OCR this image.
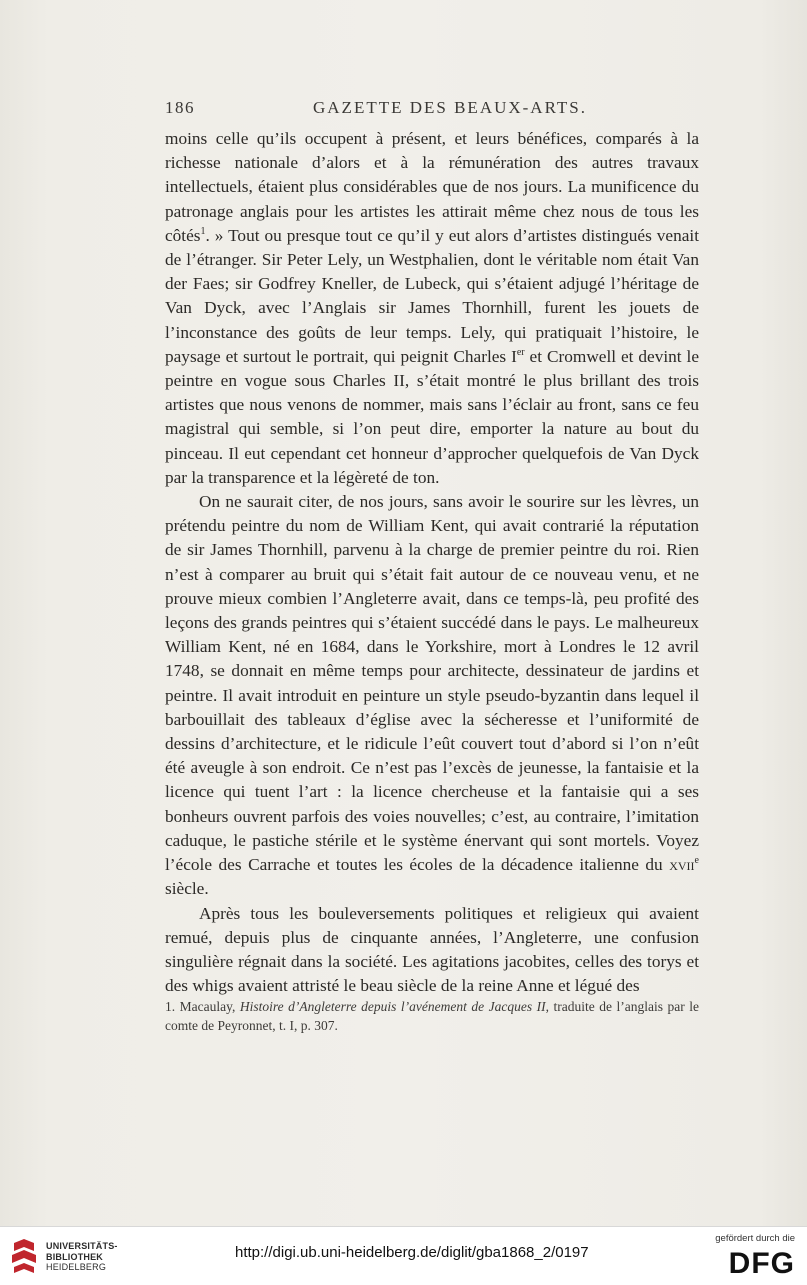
186	GAZETTE DES BEAUX-ARTS.

moins celle qu’ils occupent à présent, et leurs bénéfices, comparés à la richesse nationale d’alors et à la rémunération des autres travaux intellectuels, étaient plus considérables que de nos jours. La munificence du patronage anglais pour les artistes les attirait même chez nous de tous les côtés$^1$. » Tout ou presque tout ce qu’il y eut alors d’artistes distingués venait de l’étranger. Sir Peter Lely, un Westphalien, dont le véritable nom était Van der Faes; sir Godfrey Kneller, de Lubeck, qui s’étaient adjugé l’héritage de Van Dyck, avec l’Anglais sir James Thornhill, furent les jouets de l’inconstance des goûts de leur temps. Lely, qui pratiquait l’histoire, le paysage et surtout le portrait, qui peignit Charles Ier et Cromwell et devint le peintre en vogue sous Charles II, s’était montré le plus brillant des trois artistes que nous venons de nommer, mais sans l’éclair au front, sans ce feu magistral qui semble, si l’on peut dire, emporter la nature au bout du pinceau. Il eut cependant cet honneur d’approcher quelquefois de Van Dyck par la transparence et la légèreté de ton.

On ne saurait citer, de nos jours, sans avoir le sourire sur les lèvres, un prétendu peintre du nom de William Kent, qui avait contrarié la réputation de sir James Thornhill, parvenu à la charge de premier peintre du roi. Rien n’est à comparer au bruit qui s’était fait autour de ce nouveau venu, et ne prouve mieux combien l’Angleterre avait, dans ce temps-là, peu profité des leçons des grands peintres qui s’étaient succédé dans le pays. Le malheureux William Kent, né en 1684, dans le Yorkshire, mort à Londres le 12 avril 1748, se donnait en même temps pour architecte, dessinateur de jardins et peintre. Il avait introduit en peinture un style pseudo-byzantin dans lequel il barbouillait des tableaux d’église avec la sécheresse et l’uniformité de dessins d’architecture, et le ridicule l’eût couvert tout d’abord si l’on n’eût été aveugle à son endroit. Ce n’est pas l’excès de jeunesse, la fantaisie et la licence qui tuent l’art : la licence chercheuse et la fantaisie qui a ses bonheurs ouvrent parfois des voies nouvelles; c’est, au contraire, l’imitation caduque, le pastiche stérile et le système énervant qui sont mortels. Voyez l’école des Carrache et toutes les écoles de la décadence italienne du xvii$^e$ siècle.

Après tous les bouleversements politiques et religieux qui avaient remué, depuis plus de cinquante années, l’Angleterre, une confusion singulière régnait dans la société. Les agitations jacobites, celles des torys et des whigs avaient attristé le beau siècle de la reine Anne et légué des

1. Macaulay, Histoire d’Angleterre depuis l’avénement de Jacques II, traduite de l’anglais par le comte de Peyronnet, t. I, p. 307.
UNIVERSITÄTS-
BIBLIOTHEK
HEIDELBERG
http://digi.ub.uni-heidelberg.de/diglit/gba1868_2/0197
gefördert durch die
DFG
